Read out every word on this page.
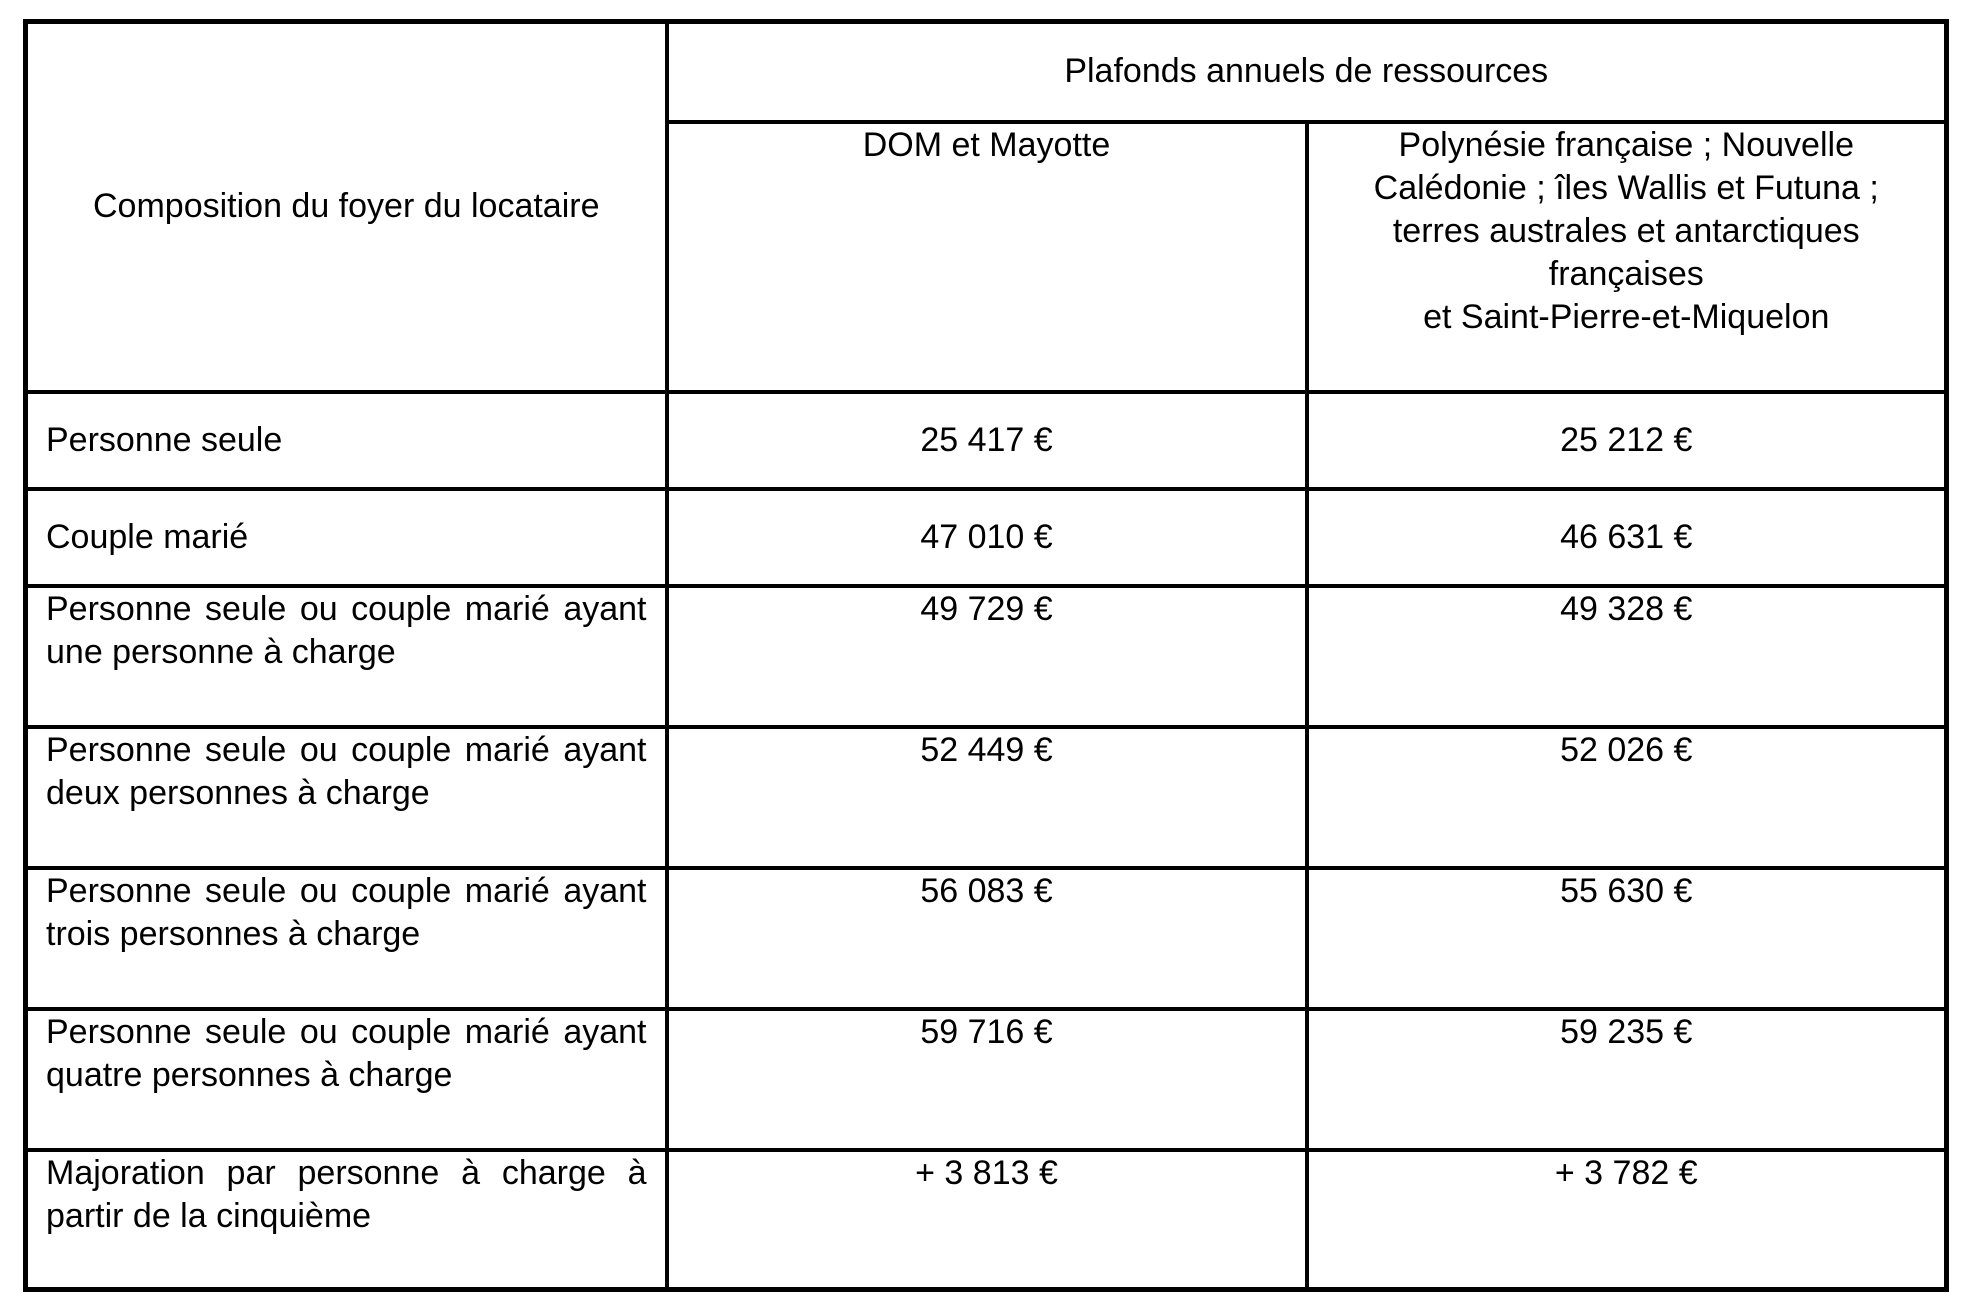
Composition du foyer du locataire	Plafonds annuels de ressources	
	DOM et Mayotte	Polynésie française ; Nouvelle Calédonie ; îles Wallis et Futuna ; terres australes et antarctiques françaises
et Saint-Pierre-et-Miquelon
Personne seule	25 417 €	25 212 €
Couple marié	47 010 €	46 631 €
Personne seule ou couple marié ayant une personne à charge	49 729 €	49 328 €
Personne seule ou couple marié ayant deux personnes à charge	52 449 €	52 026 €
Personne seule ou couple marié ayant trois personnes à charge	56 083 €	55 630 €
Personne seule ou couple marié ayant quatre personnes à charge	59 716 €	59 235 €
Majoration par personne à charge à partir de la cinquième	+ 3 813 €	+ 3 782 €
